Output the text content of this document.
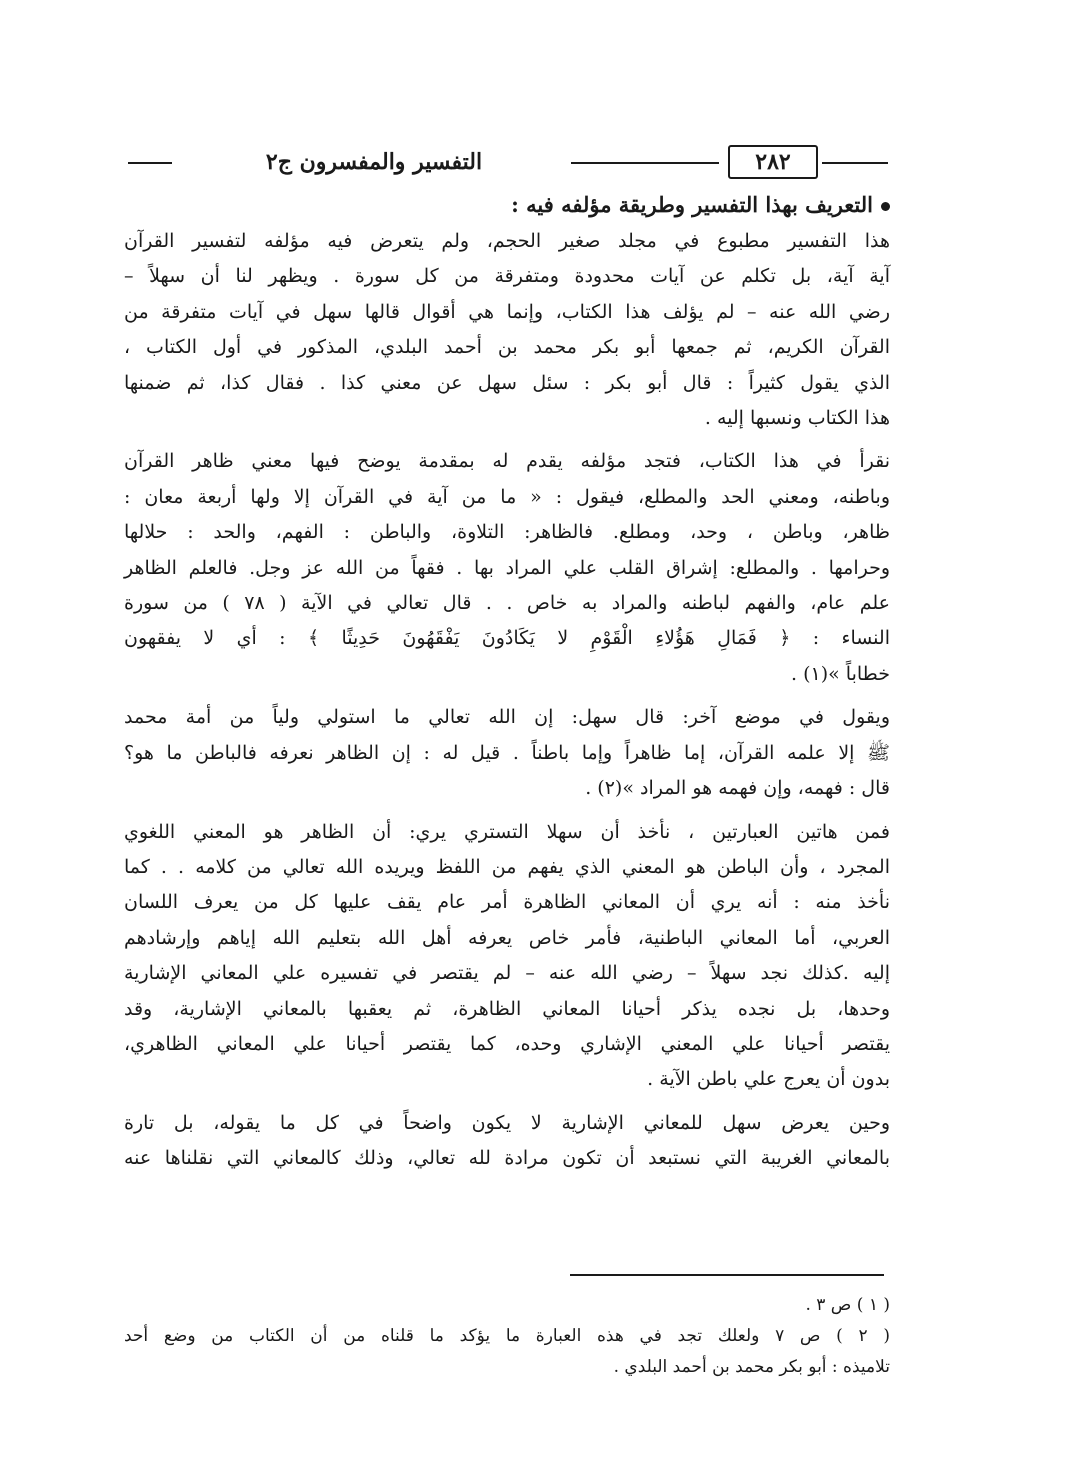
التفسير والمفسرون ج٢	٢٨٢

التعريف بهذا التفسير وطريقة مؤلفه فيه :

هذا التفسير مطبوع في مجلد صغير الحجم، ولم يتعرض فيه مؤلفه لتفسير القرآن
آية آية، بل تكلم عن آيات محدودة ومتفرقة من كل سورة . ويظهر لنا أن سهلاً –
رضي الله عنه – لم يؤلف هذا الكتاب، وإنما هي أقوال قالها سهل في آيات متفرقة من
القرآن الكريم، ثم جمعها أبو بكر محمد بن أحمد البلدي، المذكور في أول الكتاب ،
الذي يقول كثيراً : قال أبو بكر : سئل سهل عن معني كذا . فقال كذا، ثم ضمنها
هذا الكتاب ونسبها إليه .

نقرأ في هذا الكتاب، فتجد مؤلفه يقدم له بمقدمة يوضح فيها معني ظاهر القرآن
وباطنه، ومعني الحد والمطلع، فيقول : « ما من آية في القرآن إلا ولها أربعة معان :
ظاهر، وباطن ، وحد، ومطلع. فالظاهر: التلاوة، والباطن : الفهم، والحد : حلالها
وحرامها . والمطلع: إشراق القلب علي المراد بها . فقهاً من الله عز وجل. فالعلم الظاهر
علم عام، والفهم لباطنه والمراد به خاص . . قال تعالي في الآية ( ٧٨ ) من سورة
النساء : ﴿ فَمَالِ هَؤُلاءِ الْقَوْمِ لا يَكَادُونَ يَفْقَهُونَ حَدِيثًا ﴾ : أي لا يفقهون
خطاباً »(١) .

ويقول في موضع آخر: قال سهل: إن الله تعالي ما استولي ولياً من أمة محمد
ﷺ إلا علمه القرآن، إما ظاهراً وإما باطناً . قيل له : إن الظاهر نعرفه فالباطن ما هو؟
قال : فهمه، وإن فهمه هو المراد »(٢) .

فمن هاتين العبارتين ، نأخذ أن سهلا التستري يري: أن الظاهر هو المعني اللغوي
المجرد ، وأن الباطن هو المعني الذي يفهم من اللفظ ويريده الله تعالي من كلامه . . كما
نأخذ منه : أنه يري أن المعاني الظاهرة أمر عام يقف عليها كل من يعرف اللسان
العربي، أما المعاني الباطنية، فأمر خاص يعرفه أهل الله بتعليم الله إياهم وإرشادهم
إليه .كذلك نجد سهلاً – رضي الله عنه – لم يقتصر في تفسيره علي المعاني الإشارية
وحدها، بل نجده يذكر أحيانا المعاني الظاهرة، ثم يعقبها بالمعاني الإشارية، وقد
يقتصر أحيانا علي المعني الإشاري وحده، كما يقتصر أحيانا علي المعاني الظاهري،
بدون أن يعرج علي باطن الآية .

وحين يعرض سهل للمعاني الإشارية لا يكون واضحاً في كل ما يقوله، بل تارة
بالمعاني الغريبة التي نستبعد أن تكون مرادة لله تعالي، وذلك كالمعاني التي نقلناها عنه

( ١ ) ص ٣ .

( ٢ ) ص ٧ ولعلك تجد في هذه العبارة ما يؤكد ما قلناه من أن الكتاب من وضع أحد
تلاميذه : أبو بكر محمد بن أحمد البلدي .
